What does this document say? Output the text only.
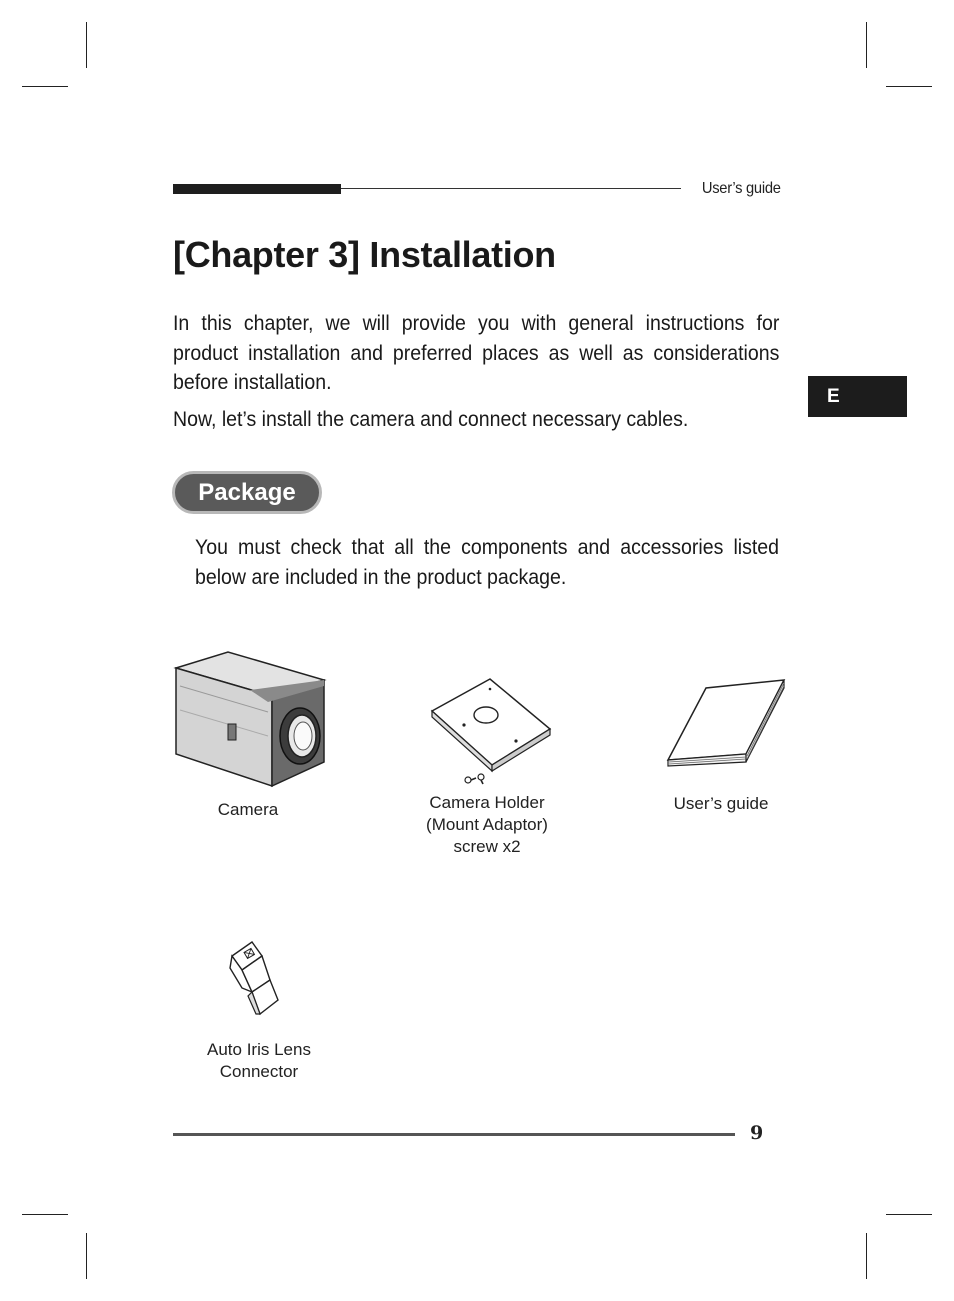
User’s guide
[Chapter 3] Installation

In this chapter, we will provide you with general instructions for product installation and preferred places as well as considerations before installation.

Now, let’s install the camera and connect necessary cables.

E
Package

You must check that all the components and accessories listed below are included in the product package.

Camera	Camera Holder
(Mount Adaptor)
screw x2
User’s guide
Auto Iris Lens
Connector
9
